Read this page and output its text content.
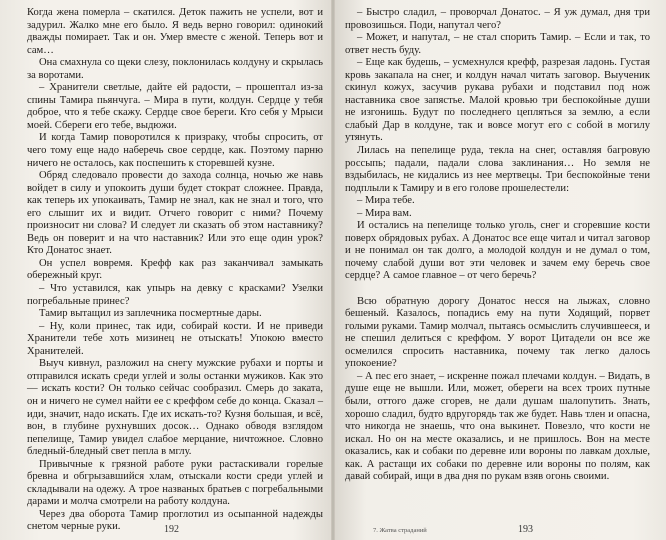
Когда жена померла – скатился. Деток пажить не успели, вот и задурил. Жалко мне его было. Я ведь верно говорил: одинокий дважды помирает. Так и он. Умер вместе с женой. Теперь вот и сам…

Она смахнула со щеки слезу, поклонилась колдуну и скрылась за воротами.

– Хранители светлые, дайте ей радости, – прошептал из-за спины Тамира пьянчуга. – Мира в пути, колдун. Сердце у тебя доброе, что я тебе скажу. Сердце свое береги. Кто себя у Мрыси моей. Сбереги его тебе, выдюжи.

И когда Тамир поворотился к призраку, чтобы спросить, от чего тому еще надо наберечь свое сердце, как. Поэтому парню ничего не осталось, как поспешить к сторевшей кузне.

Обряд следовало провести до захода солнца, ночью же навь войдет в силу и упокоить души будет стократ сложнее. Правда, как теперь их упокаивать, Тамир не знал, как не знал и того, что его слышит их и видит. Отчего говорит с ними? Почему произносит ни слова? И следует ли сказать об этом наставнику? Ведь он поверит и на что наставник? Или это еще один урок? Кто Донатос знает.

Он успел вовремя. Крефф как раз заканчивал замыкать обережный круг.

– Что уставился, как упырь на девку с красками? Узелки погребальные принес?

Тамир вытащил из заплечника посмертные дары.

– Ну, коли принес, так иди, собирай кости. И не приведи Хранители тебе хоть мизинец не отыскать! Упокою вместо Хранителей.

Выуч кивнул, разложил на снегу мужские рубахи и порты и отправился искать среди углей и золы останки мужиков. Как это — искать кости? Он только сейчас сообразил. Смерь до заката, он и ничего не сумел найти ее с креффом себе до конца. Сказал – иди, значит, надо искать. Где их искать-то? Кузня большая, и всё, вон, в глубине рухнувших досок… Однако обводя взглядом пепелище, Тамир увидел слабое мерцание, ничтожное. Словно бледный-бледный свет пепла в мглу.

Привычные к грязной работе руки растаскивали горелые бревна и обгрызавшийся хлам, отыскали кости среди углей и складывали на одежу. А трое названых братьев с погребальными дарами и молча смотрели на работу колдуна.

Через два оборота Тамир проглотил из осыпанной надежды снетом черные руки.	192

– Быстро сладил, – проворчал Донатос. – Я уж думал, дня три провозишься. Поди, напутал чего?

– Может, и напутал, – не стал спорить Тамир. – Если и так, то ответ несть буду.

– Еще как будешь, – усмехнулся крефф, разрезая ладонь. Густая кровь закапала на снег, и колдун начал читать заговор. Выученик скинул кожух, засучив рукава рубахи и подставил под нож наставника свое запястье. Малой кровью три беспокойные души не изгонишь. Будут по последнего цепляться за землю, а если слабый Дар в колдуне, так и вовсе могут его с собой в могилу утянуть.

Лилась на пепелище руда, текла на снег, оставляя багровую россыпь; падали, падали слова заклинания… Но земля не вздыбилась, не кидались из нее мертвецы. Три беспокойные тени подплыли к Тамиру и в его голове прошелестели:

– Мира тебе.

– Мира вам.

И остались на пепелище только уголь, снег и сгоревшие кости поверх обрядовых рубах. А Донатос все еще читал и читал заговор и не понимал он так долго, а молодой колдун и не думал о том, почему слабой души вот эти человек и зачем ему беречь свое сердце? А самое главное – от чего беречь?

Всю обратную дорогу Донатос несся на лыжах, словно бешеный. Казалось, попадись ему на пути Ходящий, порвет голыми руками. Тамир молчал, пытаясь осмыслить случившееся, и не спешил делиться с креффом. У ворот Цитадели он все же осмелился спросить наставника, почему так легко далось упокоение?

– А пес его знает, – искренне пожал плечами колдун. – Видать, в душе еще не вышли. Или, может, обереги на всех троих путные были, оттого даже сгорев, не дали душам шалопутить. Знать, хорошо сладил, будто вдругорядь так же будет. Навь тлен и опасна, что никогда не знаешь, что она выкинет. Повезло, что кости не искал. Но он на месте оказались, и не пришлось. Вон на месте оказались, как и собаки по деревне или вороны по лавкам дохлые, как. А растащи их собаки по деревне или вороны по полям, как давай собирай, ищи в два дня по рукам взяв огонь своими.

7. Жатва страданий	193
